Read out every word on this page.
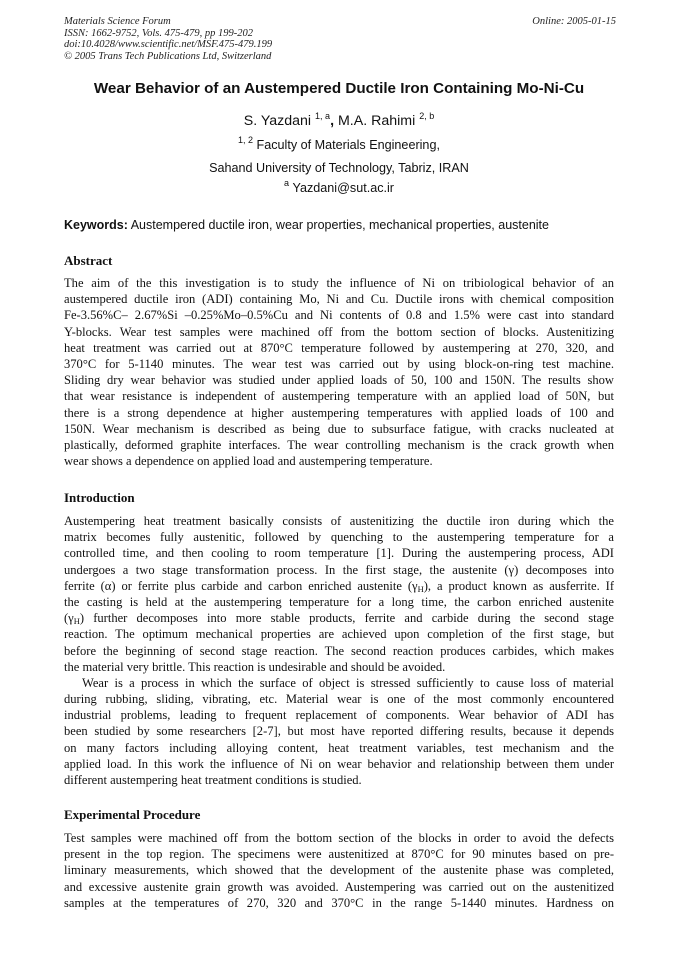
Materials Science Forum
ISSN: 1662-9752, Vols. 475-479, pp 199-202
doi:10.4028/www.scientific.net/MSF.475-479.199
© 2005 Trans Tech Publications Ltd, Switzerland
Online: 2005-01-15
Wear Behavior of an Austempered Ductile Iron Containing Mo-Ni-Cu
S. Yazdani $^{1, a}$, M.A. Rahimi $^{2, b}$
$^{1, 2}$ Faculty of Materials Engineering,
Sahand University of Technology, Tabriz, IRAN
$^a$ Yazdani@sut.ac.ir
Keywords: Austempered ductile iron, wear properties, mechanical properties, austenite
Abstract
The aim of the this investigation is to study the influence of Ni on tribiological behavior of an
austempered ductile iron (ADI) containing Mo, Ni and Cu. Ductile irons with chemical composition
Fe-3.56%C– 2.67%Si –0.25%Mo–0.5%Cu and Ni contents of 0.8 and 1.5% were cast into standard
Y-blocks. Wear test samples were machined off from the bottom section of blocks. Austenitizing
heat treatment was carried out at 870°C temperature followed by austempering at 270, 320, and
370°C for 5-1140 minutes. The wear test was carried out by using block-on-ring test machine.
Sliding dry wear behavior was studied under applied loads of 50, 100 and 150N. The results show
that wear resistance is independent of austempering temperature with an applied load of 50N, but
there is a strong dependence at higher austempering temperatures with applied loads of 100 and
150N. Wear mechanism is described as being due to subsurface fatigue, with cracks nucleated at
plastically, deformed graphite interfaces. The wear controlling mechanism is the crack growth when
wear shows a dependence on applied load and austempering temperature.
Introduction
Austempering heat treatment basically consists of austenitizing the ductile iron during which the
matrix becomes fully austenitic, followed by quenching to the austempering temperature for a
controlled time, and then cooling to room temperature [1]. During the austempering process, ADI
undergoes a two stage transformation process. In the first stage, the austenite (γ) decomposes into
ferrite (α) or ferrite plus carbide and carbon enriched austenite $(\gamma_H)$, a product known as ausferrite. If
the casting is held at the austempering temperature for a long time, the carbon enriched austenite
$(\gamma_H)$ further decomposes into more stable products, ferrite and carbide during the second stage
reaction. The optimum mechanical properties are achieved upon completion of the first stage, but
before the beginning of second stage reaction. The second reaction produces carbides, which makes
the material very brittle. This reaction is undesirable and should be avoided.
Wear is a process in which the surface of object is stressed sufficiently to cause loss of material
during rubbing, sliding, vibrating, etc. Material wear is one of the most commonly encountered
industrial problems, leading to frequent replacement of components. Wear behavior of ADI has
been studied by some researchers [2-7], but most have reported differing results, because it depends
on many factors including alloying content, heat treatment variables, test mechanism and the
applied load. In this work the influence of Ni on wear behavior and relationship between them under
different austempering heat treatment conditions is studied.
Experimental Procedure
Test samples were machined off from the bottom section of the blocks in order to avoid the defects
present in the top region. The specimens were austenitized at 870°C for 90 minutes based on pre-
liminary measurements, which showed that the development of the austenite phase was completed,
and excessive austenite grain growth was avoided. Austempering was carried out on the austenitized
samples at the temperatures of 270, 320 and 370°C in the range 5-1440 minutes. Hardness on
